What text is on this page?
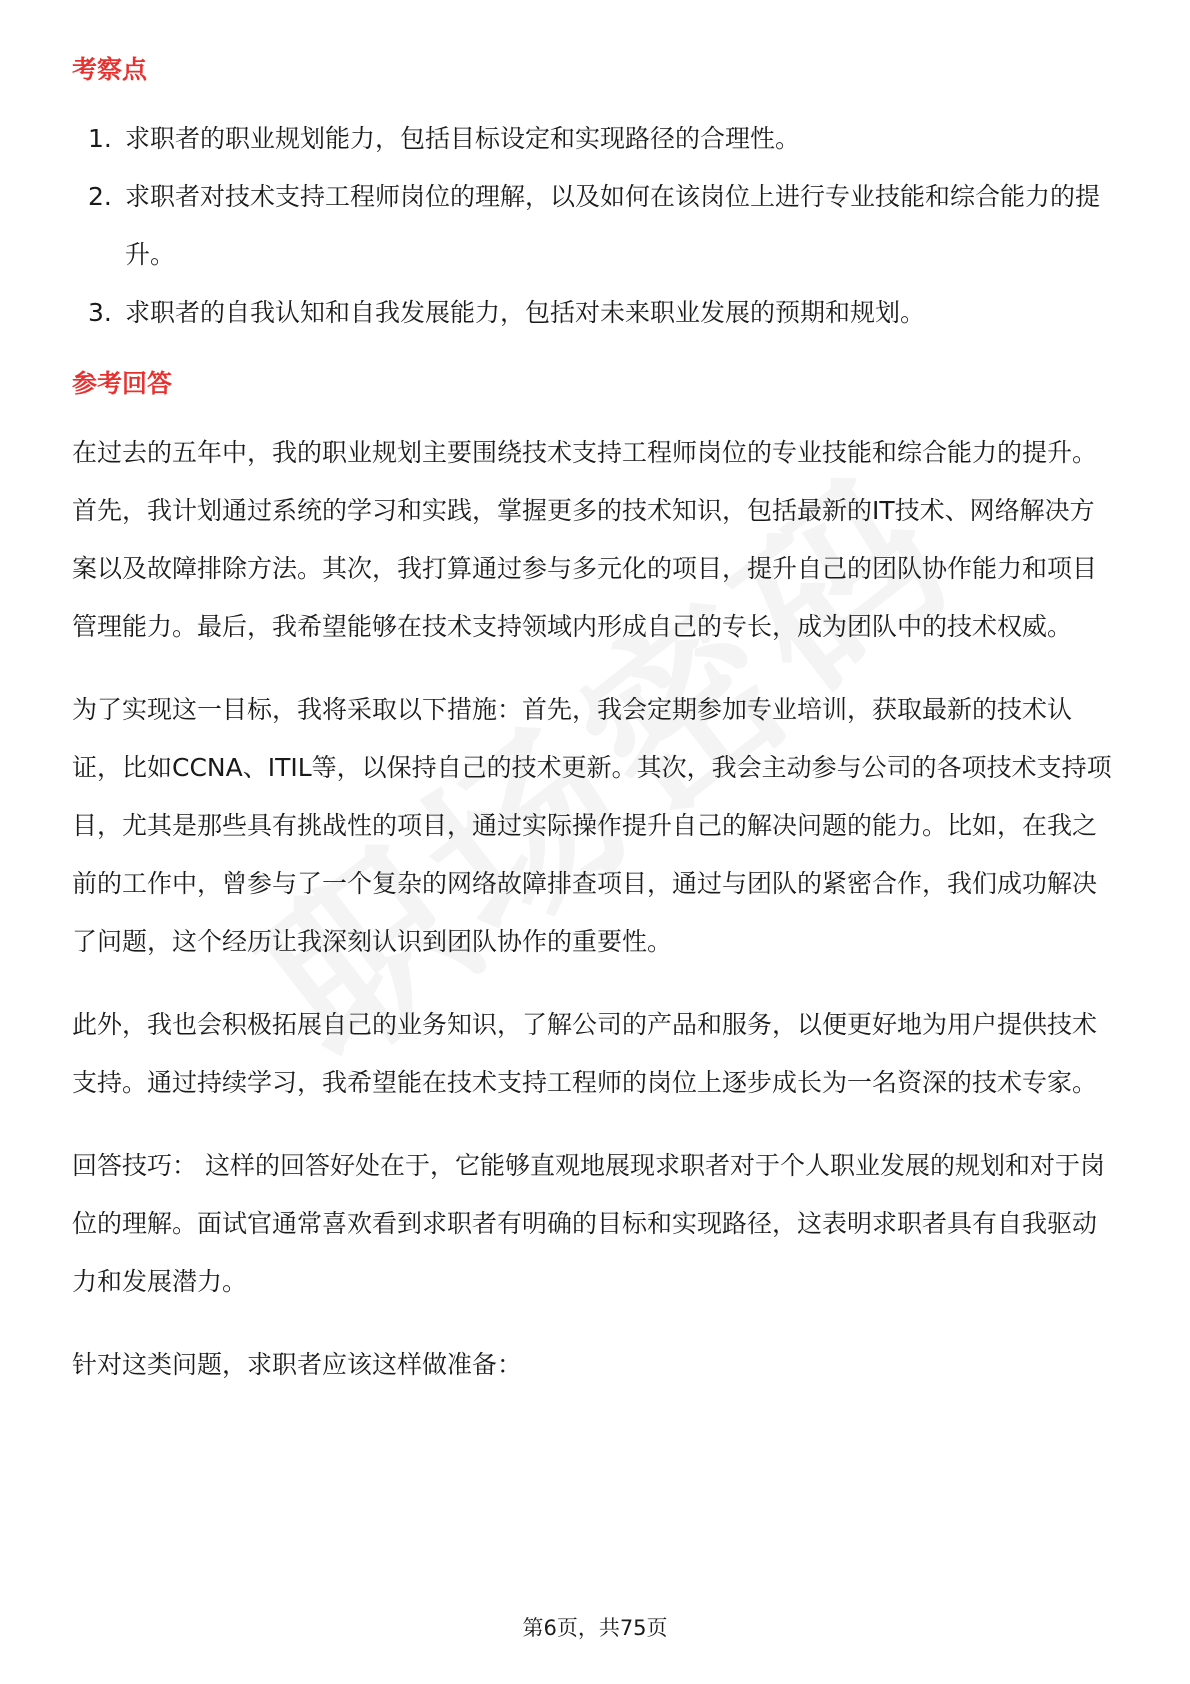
考察点
1. 求职者的职业规划能力，包括目标设定和实现路径的合理性。
2. 求职者对技术支持工程师岗位的理解，以及如何在该岗位上进行专业技能和综合能力的提升。
3. 求职者的自我认知和自我发展能力，包括对未来职业发展的预期和规划。
参考回答

在过去的五年中，我的职业规划主要围绕技术支持工程师岗位的专业技能和综合能力的提升。首先，我计划通过系统的学习和实践，掌握更多的技术知识，包括最新的IT技术、网络解决方案以及故障排除方法。其次，我打算通过参与多元化的项目，提升自己的团队协作能力和项目管理能力。最后，我希望能够在技术支持领域内形成自己的专长，成为团队中的技术权威。

为了实现这一目标，我将采取以下措施：首先，我会定期参加专业培训，获取最新的技术认证，比如CCNA、ITIL等，以保持自己的技术更新。其次，我会主动参与公司的各项技术支持项目，尤其是那些具有挑战性的项目，通过实际操作提升自己的解决问题的能力。比如，在我之前的工作中，曾参与了一个复杂的网络故障排查项目，通过与团队的紧密合作，我们成功解决了问题，这个经历让我深刻认识到团队协作的重要性。

此外，我也会积极拓展自己的业务知识，了解公司的产品和服务，以便更好地为用户提供技术支持。通过持续学习，我希望能在技术支持工程师的岗位上逐步成长为一名资深的技术专家。

回答技巧： 这样的回答好处在于，它能够直观地展现求职者对于个人职业发展的规划和对于岗位的理解。面试官通常喜欢看到求职者有明确的目标和实现路径，这表明求职者具有自我驱动力和发展潜力。

针对这类问题，求职者应该这样做准备：

第6页，共75页
